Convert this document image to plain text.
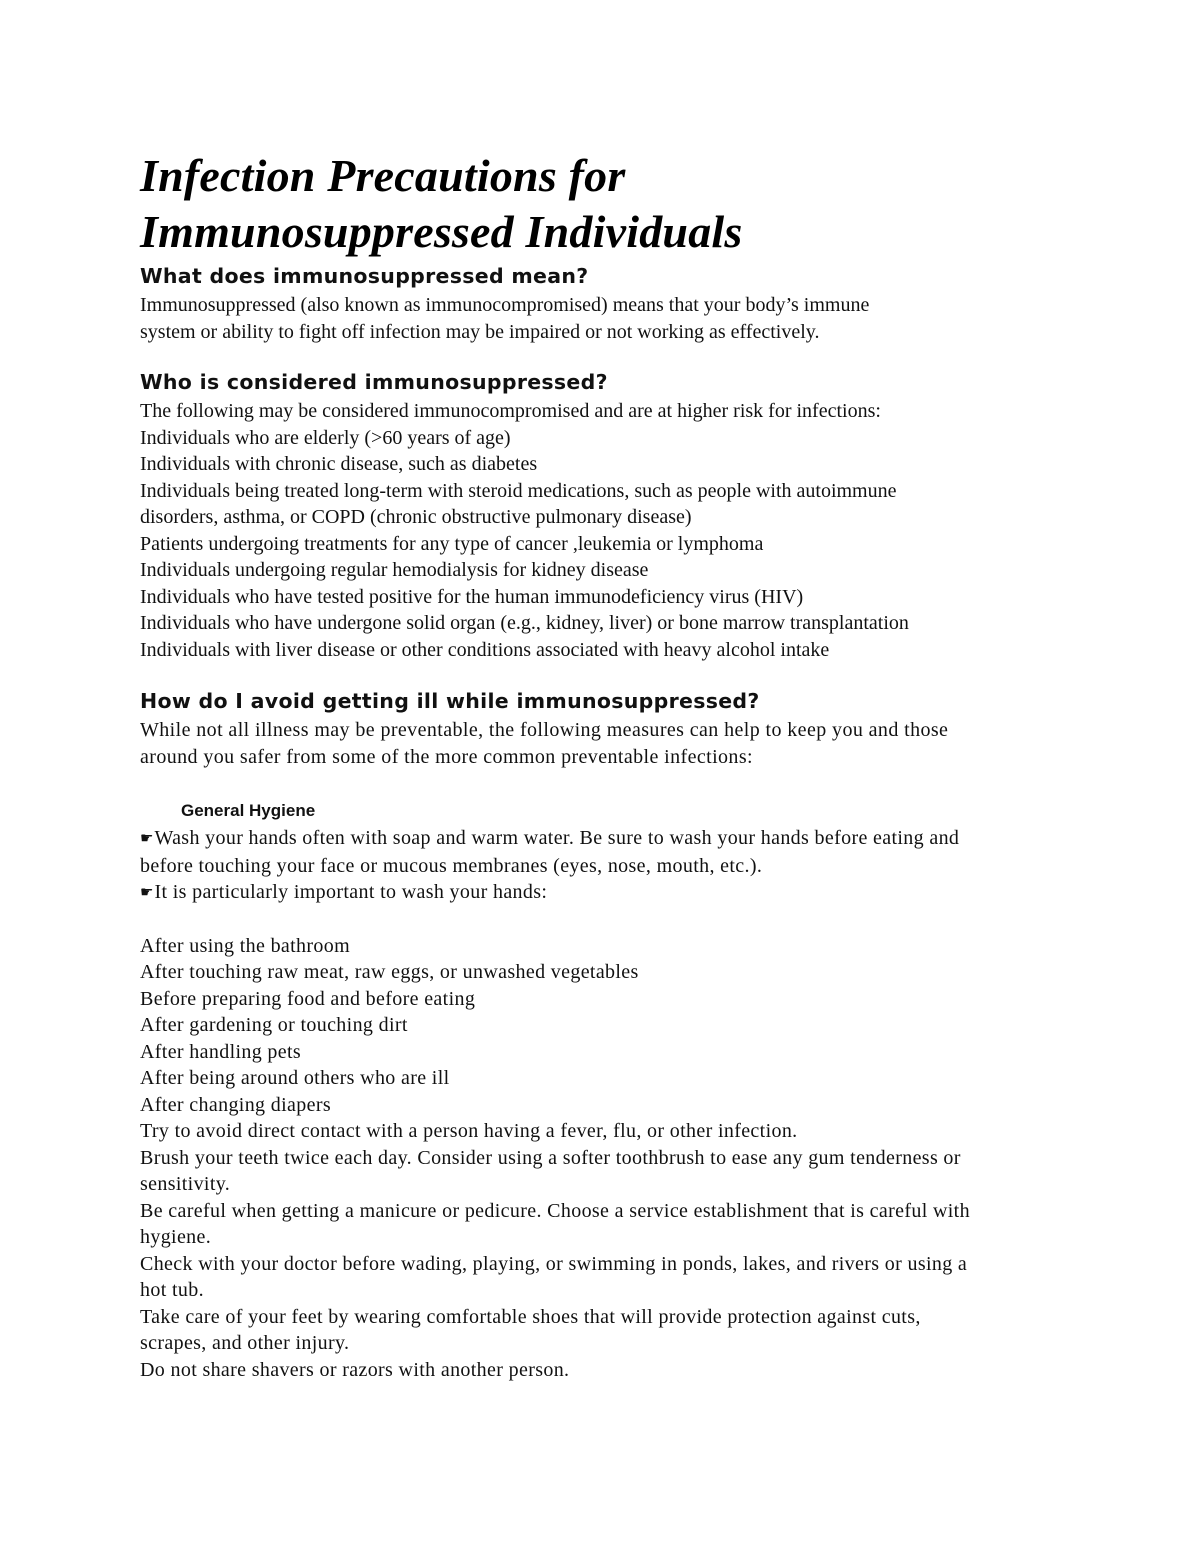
Infection Precautions for
Immunosuppressed Individuals
What does immunosuppressed mean?

Immunosuppressed (also known as immunocompromised) means that your body’s immune

system or ability to fight off infection may be impaired or not working as effectively.

Who is considered immunosuppressed?

The following may be considered immunocompromised and are at higher risk for infections:

Individuals who are elderly (>60 years of age)

Individuals with chronic disease, such as diabetes

Individuals being treated long-term with steroid medications, such as people with autoimmune

disorders, asthma, or COPD (chronic obstructive pulmonary disease)

Patients undergoing treatments for any type of cancer ,leukemia or lymphoma

Individuals undergoing regular hemodialysis for kidney disease

Individuals who have tested positive for the human immunodeficiency virus (HIV)

Individuals who have undergone solid organ (e.g., kidney, liver) or bone marrow transplantation

Individuals with liver disease or other conditions associated with heavy alcohol intake

How do I avoid getting ill while immunosuppressed?

While not all illness may be preventable, the following measures can help to keep you and those

around you safer from some of the more common preventable infections:

General Hygiene

☛Wash your hands often with soap and warm water. Be sure to wash your hands before eating and

before touching your face or mucous membranes (eyes, nose, mouth, etc.).

☛It is particularly important to wash your hands:

After using the bathroom

After touching raw meat, raw eggs, or unwashed vegetables

Before preparing food and before eating

After gardening or touching dirt

After handling pets

After being around others who are ill

After changing diapers

Try to avoid direct contact with a person having a fever, flu, or other infection.

Brush your teeth twice each day. Consider using a softer toothbrush to ease any gum tenderness or

sensitivity.

Be careful when getting a manicure or pedicure. Choose a service establishment that is careful with

hygiene.

Check with your doctor before wading, playing, or swimming in ponds, lakes, and rivers or using a

hot tub.

Take care of your feet by wearing comfortable shoes that will provide protection against cuts,

scrapes, and other injury.

Do not share shavers or razors with another person.
